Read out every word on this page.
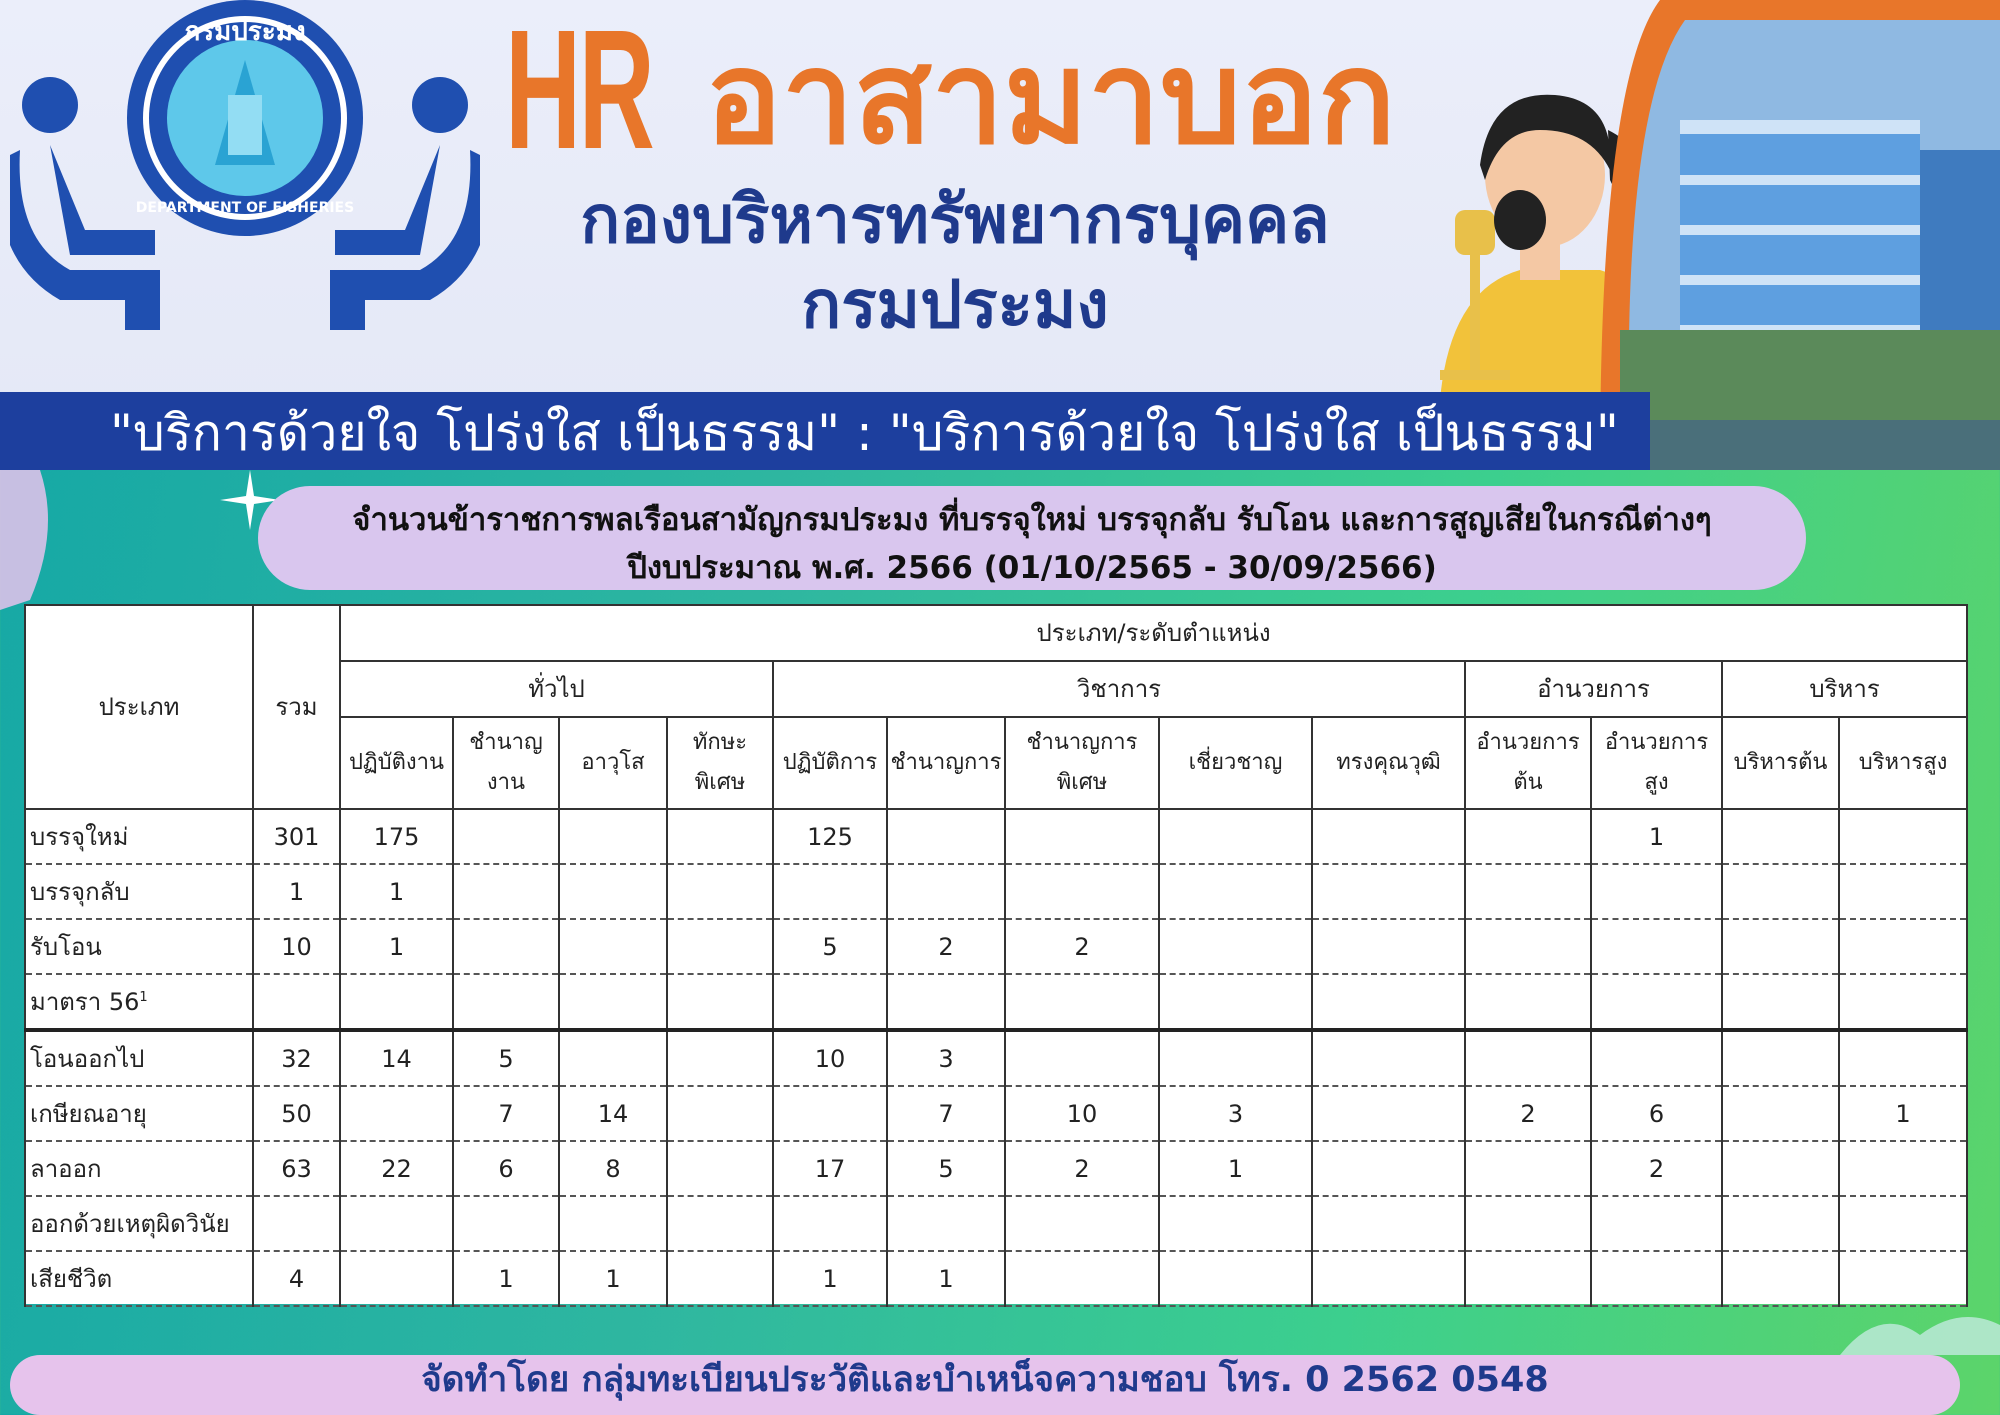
กรมประมง
DEPARTMENT OF FISHERIES
HR อาสามาบอก
กองบริหารทรัพยากรบุคคล
กรมประมง
"บริการด้วยใจ โปร่งใส เป็นธรรม" : "บริการด้วยใจ โปร่งใส เป็นธรรม"
จำนวนข้าราชการพลเรือนสามัญกรมประมง ที่บรรจุใหม่ บรรจุกลับ รับโอน และการสูญเสียในกรณีต่างๆ
ปีงบประมาณ พ.ศ. 2566 (01/10/2565 - 30/09/2566)
ประเภท	รวม	ประเภท/ระดับตำแหน่ง												
		ทั่วไป				วิชาการ					อำนวยการ		บริหาร	
		ปฏิบัติงาน	ชำนาญงาน	อาวุโส	ทักษะพิเศษ	ปฏิบัติการ	ชำนาญการ	ชำนาญการพิเศษ	เชี่ยวชาญ	ทรงคุณวุฒิ	อำนวยการต้น	อำนวยการสูง	บริหารต้น	บริหารสูง
บรรจุใหม่	301	175				125						1		
บรรจุกลับ	1	1												
รับโอน	10	1				5	2	2						
มาตรา $56^1$														
โอนออกไป	32	14	5			10	3							
เกษียณอายุ	50		7	14			7	10	3		2	6		1
ลาออก	63	22	6	8		17	5	2	1			2		
ออกด้วยเหตุผิดวินัย														
เสียชีวิต	4		1	1		1	1							
จัดทำโดย กลุ่มทะเบียนประวัติและบำเหน็จความชอบ โทร. 0 2562 0548
